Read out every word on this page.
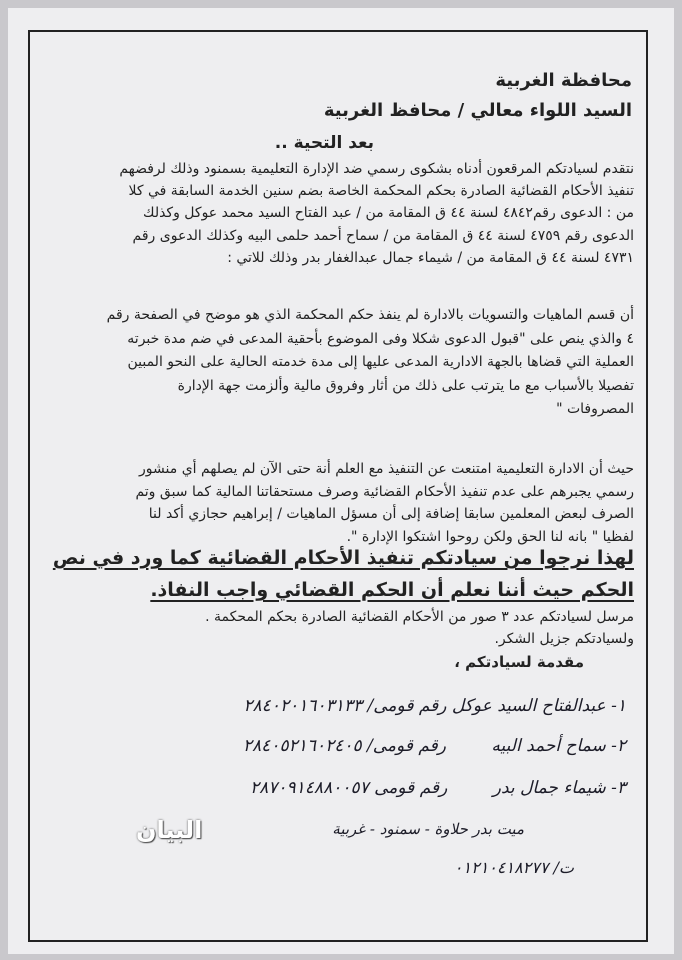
محافظة الغربية
السيد اللواء معالي / محافظ الغربية
بعد التحية ..

نتقدم لسيادتكم المرقعون أدناه بشكوى رسمي ضد الإدارة التعليمية بسمنود وذلك لرفضهم
تنفيذ الأحكام القضائية الصادرة بحكم المحكمة الخاصة بضم سنين الخدمة السابقة في كلا
من : الدعوى رقم٤٨٤٢ لسنة ٤٤ ق المقامة من / عبد الفتاح السيد محمد عوكل وكذلك
الدعوى رقم ٤٧٥٩ لسنة ٤٤ ق المقامة من / سماح أحمد حلمى البيه وكذلك الدعوى رقم
٤٧٣١ لسنة ٤٤ ق المقامة من / شيماء جمال عبدالغفار بدر وذلك للاتي :

أن قسم الماهيات والتسويات بالادارة لم ينفذ حكم المحكمة الذي هو موضح في الصفحة رقم
٤ والذي ينص على "قبول الدعوى شكلا وفى الموضوع بأحقية المدعى في ضم مدة خبرته
العملية التي قضاها بالجهة الادارية المدعى عليها إلى مدة خدمته الحالية على النحو المبين
تفصيلا بالأسباب مع ما يترتب على ذلك من أثار وفروق مالية وألزمت جهة الإدارة
المصروفات "

حيث أن الادارة التعليمية امتنعت عن التنفيذ مع العلم أنة حتى الآن لم يصلهم أي منشور
رسمي يجبرهم على عدم تنفيذ الأحكام القضائية وصرف مستحقاتنا المالية كما سبق وتم
الصرف لبعض المعلمين سابقا إضافة إلى أن مسؤل الماهيات / إبراهيم حجازي أكد لنا
لفظيا " بانه لنا الحق ولكن روحوا اشتكوا الإدارة ".

لهذا نرجوا من سيادتكم تنفيذ الأحكام القضائية كما ورد في نص
الحكم حيث أننا نعلم أن الحكم القضائي واجب النفاذ.

مرسل لسيادتكم عدد ٣ صور من الأحكام القضائية الصادرة بحكم المحكمة .
ولسيادتكم جزيل الشكر.

مقدمة لسيادتكم ،
١- عبدالفتاح السيد عوكل رقم قومى/ ٢٨٤٠٢٠١٦٠٣١٣٣
٢- سماح أحمد البيه رقم قومى/ ٢٨٤٠٥٢١٦٠٢٤٠٥
٣- شيماء جمال بدر رقم قومى ٢٨٧٠٩١٤٨٨٠٠٥٧
ميت بدر حلاوة - سمنود - غربية
ت/ ٠١٢١٠٤١٨٢٧٧
البيان
